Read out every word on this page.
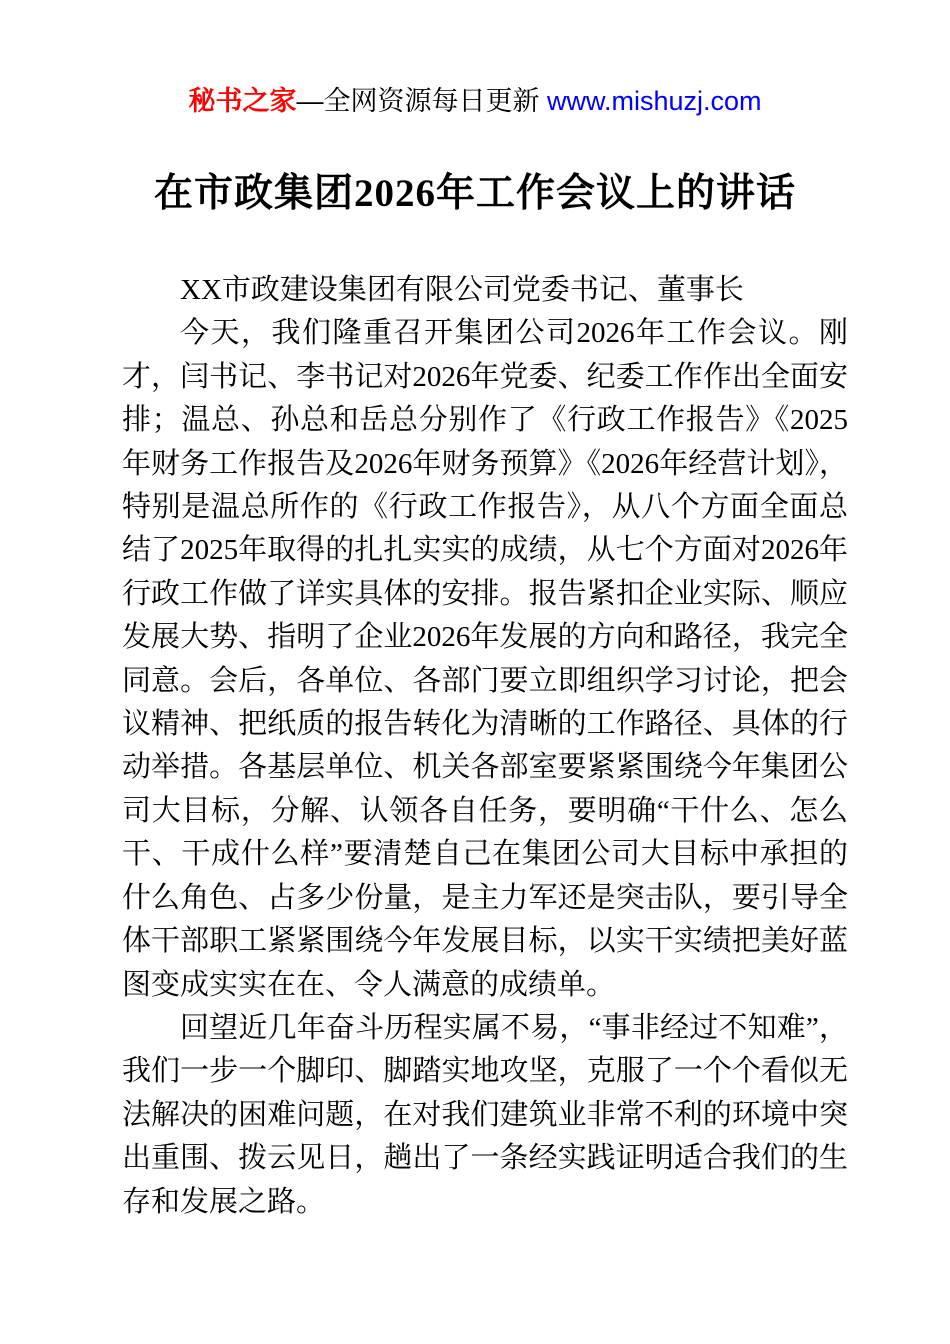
秘书之家—全网资源每日更新 www.mishuzj.com
在市政集团2026年工作会议上的讲话

XX市政建设集团有限公司党委书记、董事长

今天，我们隆重召开集团公司2026年工作会议。刚才，闫书记、李书记对2026年党委、纪委工作作出全面安排；温总、孙总和岳总分别作了《行政工作报告》《2025年财务工作报告及2026年财务预算》《2026年经营计划》，特别是温总所作的《行政工作报告》，从八个方面全面总结了2025年取得的扎扎实实的成绩，从七个方面对2026年行政工作做了详实具体的安排。报告紧扣企业实际、顺应发展大势、指明了企业2026年发展的方向和路径，我完全同意。会后，各单位、各部门要立即组织学习讨论，把会议精神、把纸质的报告转化为清晰的工作路径、具体的行动举措。各基层单位、机关各部室要紧紧围绕今年集团公司大目标，分解、认领各自任务，要明确“干什么、怎么干、干成什么样”要清楚自己在集团公司大目标中承担的什么角色、占多少份量，是主力军还是突击队，要引导全体干部职工紧紧围绕今年发展目标，以实干实绩把美好蓝图变成实实在在、令人满意的成绩单。

回望近几年奋斗历程实属不易，“事非经过不知难”，我们一步一个脚印、脚踏实地攻坚，克服了一个个看似无法解决的困难问题，在对我们建筑业非常不利的环境中突出重围、拨云见日，趟出了一条经实践证明适合我们的生存和发展之路。
